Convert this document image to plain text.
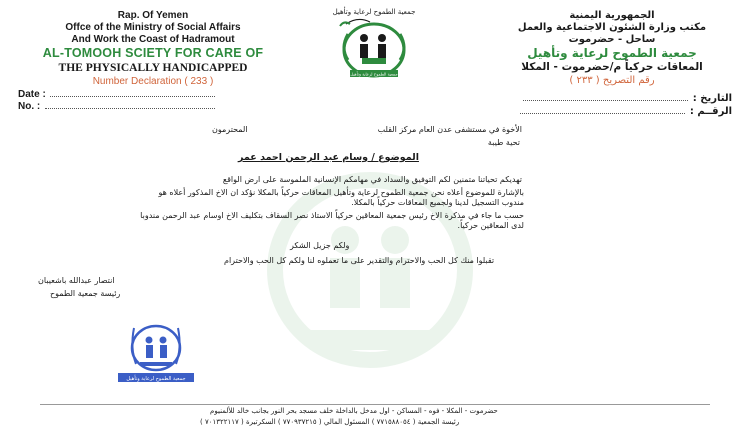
Rap. Of Yemen
Offce of the Ministry of Social Affairs
And Work the Coast of Hadramout
AL-TOMOOH SCIETY FOR CARE OF
THE PHYSICALLY HANDICAPPED
Number Declaration ( 233 )
الجمهورية اليمنية
مكتب وزارة الشئون الاجتماعية والعمل
ساحل - حضرموت
جمعية الطموح لرعاية وتأهيل
المعاقات حركياً م/حضرموت - المكلا
رقم التصريح ( ٢٣٣ )
جمعية الطموح لرعاية وتأهيل
جمعية الطموح لرعاية وتأهيل
Date :
No. :
التاريخ :
الرقــم :
الأخوة في مستشفى عدن العام مركز القلب
المحترمون
تحية طيبة
الموضوع / وسام عبد الرحمن احمد عمر
تهديكم تحياتنا متمنين لكم التوفيق والسداد في مهامكم الإنسانية الملموسة على ارض الواقع
بالإشارة للموضوع أعلاه نحن جمعية الطموح لرعاية وتأهيل المعاقات حركياً بالمكلا نؤكد ان الاخ المذكور أعلاه هو
مندوب التسجيل لدينا ولجميع المعاقات حركياً بالمكلا.
حسب ما جاء في مذكرة الاخ رئيس جمعية المعاقين حركياً الاستاذ نصر السقاف بتكليف الاخ اوسام عبد الرحمن مندوبا
لدى المعاقين حركياً.
ولكم جزيل الشكر
تقبلوا منك كل الحب والاحترام والتقدير على ما تعملوه لنا ولكم كل الحب والاحترام
انتصار عبدالله باشعيبان
رئيسة جمعية الطموح
جمعية الطموح لرعاية وتأهيل
حضرموت - المكلا - فوه - المساكن - اول مدخل بالداخلة خلف مسجد بحر النور بجانب خالد للألمنيوم
رئيسة الجمعية ( ٧٧١٥٨٨٠٥٤ ) المسئول المالي ( ٧٧٠٩٣٧٢١٥ ) السكرتيرة ( ٧٠١٣٢٢١١٧ )
